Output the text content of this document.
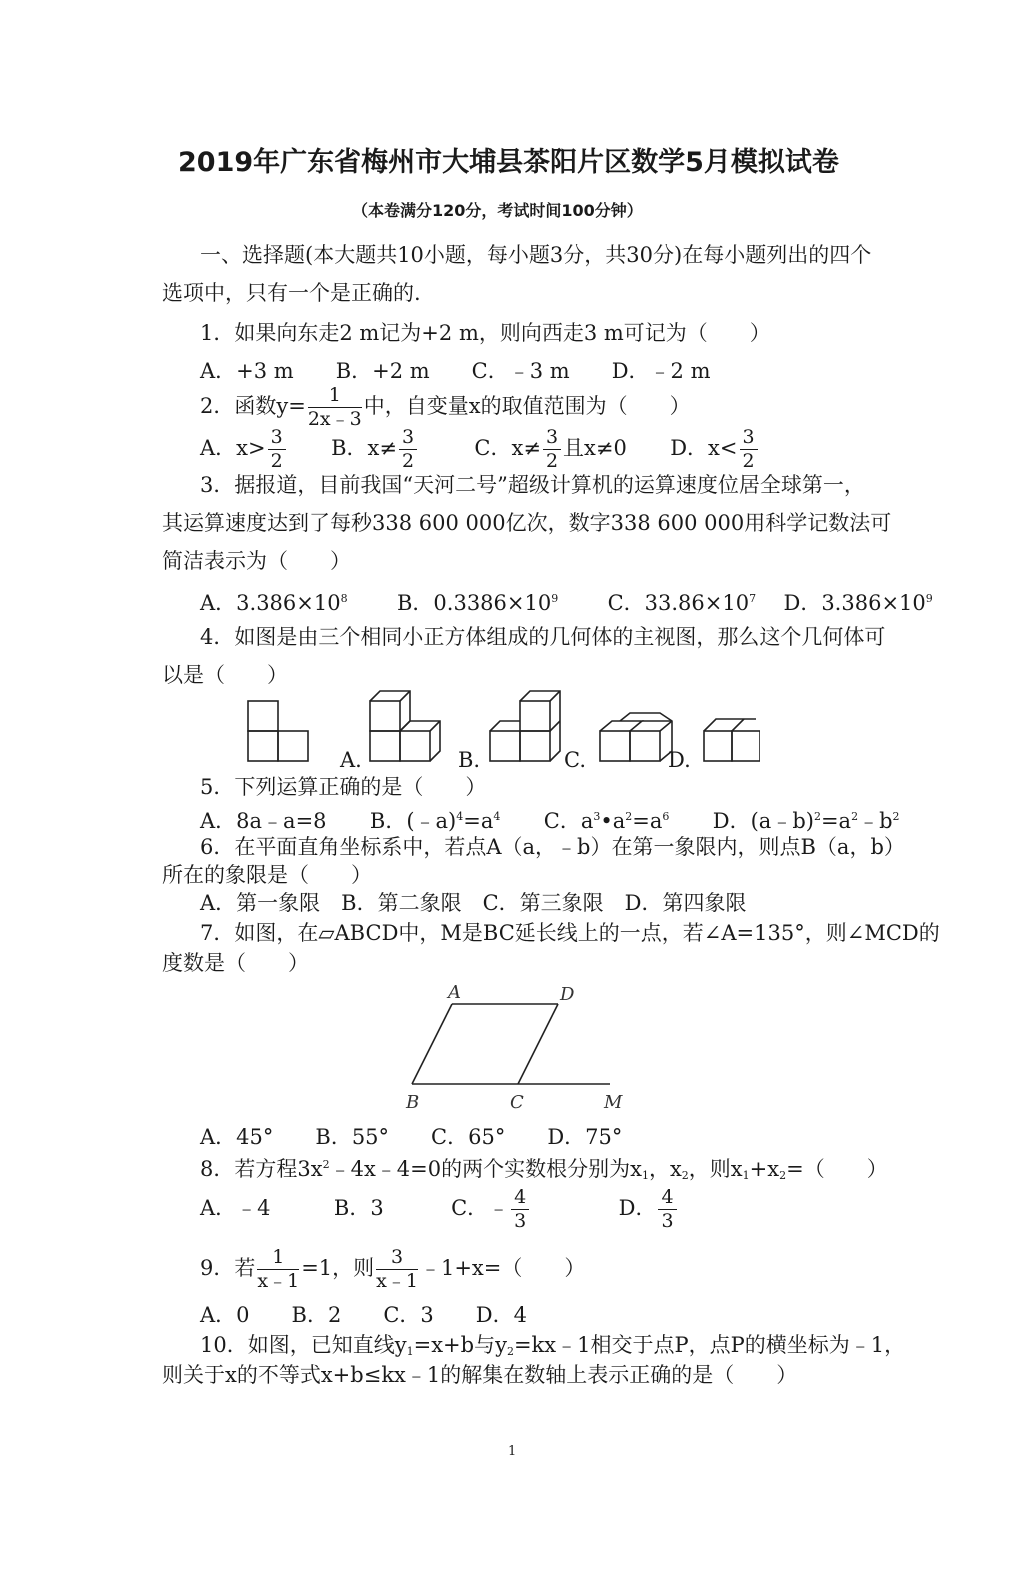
2019年广东省梅州市大埔县茶阳片区数学5月模拟试卷
（本卷满分120分，考试时间100分钟）
一、选择题(本大题共10小题，每小题3分，共30分)在每小题列出的四个
选项中，只有一个是正确的.
1．如果向东走2 m记为+2 m，则向西走3 m可记为（　　）
A．+3 m　　B．+2 m　　C．﹣3 m　　D．﹣2 m
2．函数$y= \frac{1}{2x﹣3}$ 中，自变量x的取值范围为（　　）
A．$x> \frac{3}{2}$ B．$x\ne \frac{3}{2}$	C．$x\ne \frac{3}{2}$ 且x≠0 D．$x< \frac{3}{2}$
3．据报道，目前我国“天河二号”超级计算机的运算速度位居全球第一，
其运算速度达到了每秒338 600 000亿次，数字338 600 000用科学记数法可
简洁表示为（　　）
A．$3.386\times 10^8$ B．$0.3386\times 10^9$ C．$33.86\times 10^7$ D．$3.386\times 10^9$
4．如图是由三个相同小正方体组成的几何体的主视图，那么这个几何体可
以是（　　）
A.	B.	C.	D.
5．下列运算正确的是（　　）
A．8a﹣a=8 B．$(﹣a)^4=a^4$ C．$a^3•a^2=a^6$ D．$(a﹣b)^2=a^2﹣b^2$
6．在平面直角坐标系中，若点A（a，﹣b）在第一象限内，则点B（a，b）
所在的象限是（　　）
A．第一象限　B．第二象限　C．第三象限　D．第四象限
7．如图，在▱ABCD中，M是BC延长线上的一点，若∠A=135°，则∠MCD的
度数是（　　）
A	D
B	C	M
A．45°　　B．55°　　C．65°　　D．75°
8．若方程$3x^2﹣4x﹣4=0$的两个实数根分别为$x_1$，$x_2$，则$x_1+x_2=$（　　）
A．﹣4	B．3	C．﹣ $\frac{4}{3}$	D． $\frac{4}{3}$
9．若 $\frac{1}{x﹣1} =1$，则 $\frac{3}{x﹣1}$ ﹣1+x=（　　）
A．0　　B．2　　C．3　　D．4
10．如图，已知直线$y_1=x+b$与$y_2=kx﹣1$相交于点P，点P的横坐标为﹣1，
则关于x的不等式x+b≤kx﹣1的解集在数轴上表示正确的是（　　）
1
